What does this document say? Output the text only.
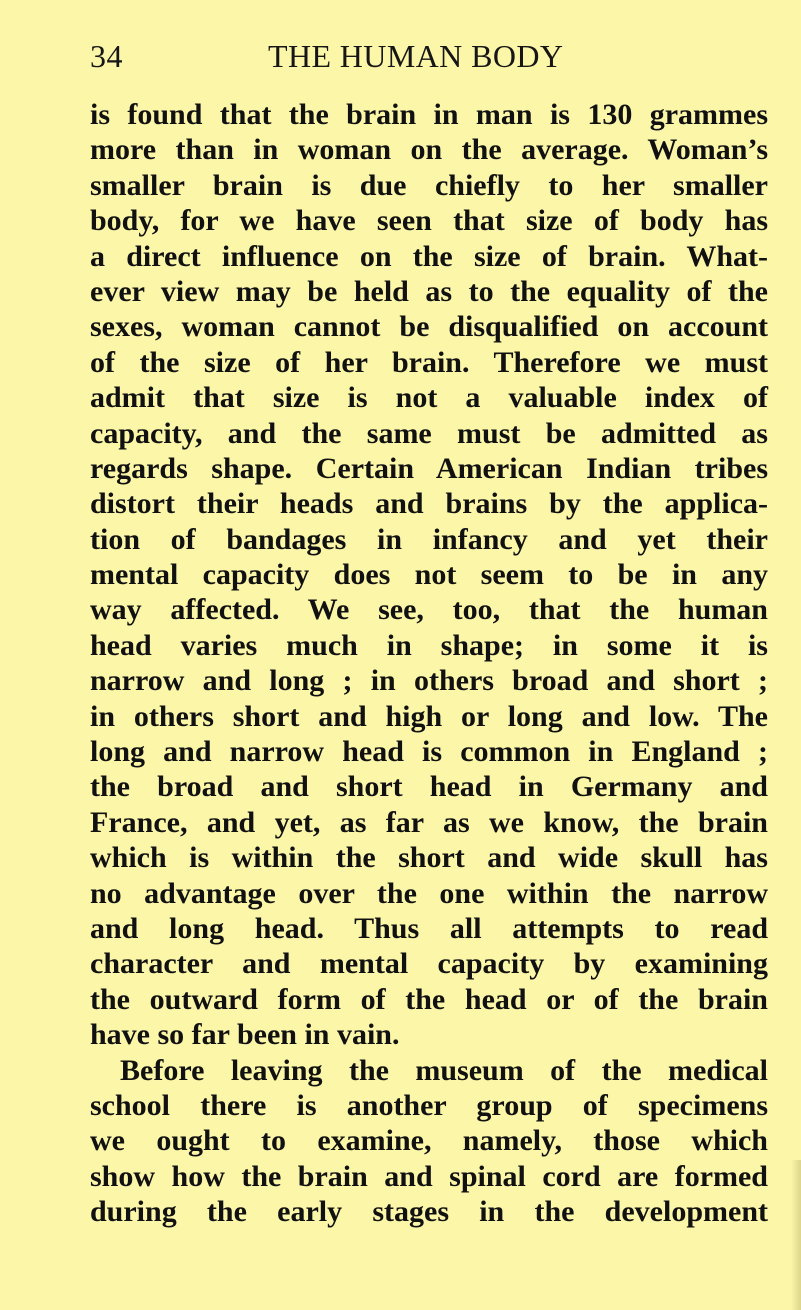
34	THE HUMAN BODY
is found that the brain in man is 130 grammes
more than in woman on the average. Woman’s
smaller brain is due chiefly to her smaller
body, for we have seen that size of body has
a direct influence on the size of brain. What-
ever view may be held as to the equality of the
sexes, woman cannot be disqualified on account
of the size of her brain. Therefore we must
admit that size is not a valuable index of
capacity, and the same must be admitted as
regards shape. Certain American Indian tribes
distort their heads and brains by the applica-
tion of bandages in infancy and yet their
mental capacity does not seem to be in any
way affected. We see, too, that the human
head varies much in shape; in some it is
narrow and long ; in others broad and short ;
in others short and high or long and low. The
long and narrow head is common in England ;
the broad and short head in Germany and
France, and yet, as far as we know, the brain
which is within the short and wide skull has
no advantage over the one within the narrow
and long head. Thus all attempts to read
character and mental capacity by examining
the outward form of the head or of the brain
have so far been in vain.
Before leaving the museum of the medical
school there is another group of specimens
we ought to examine, namely, those which
show how the brain and spinal cord are formed
during the early stages in the development
